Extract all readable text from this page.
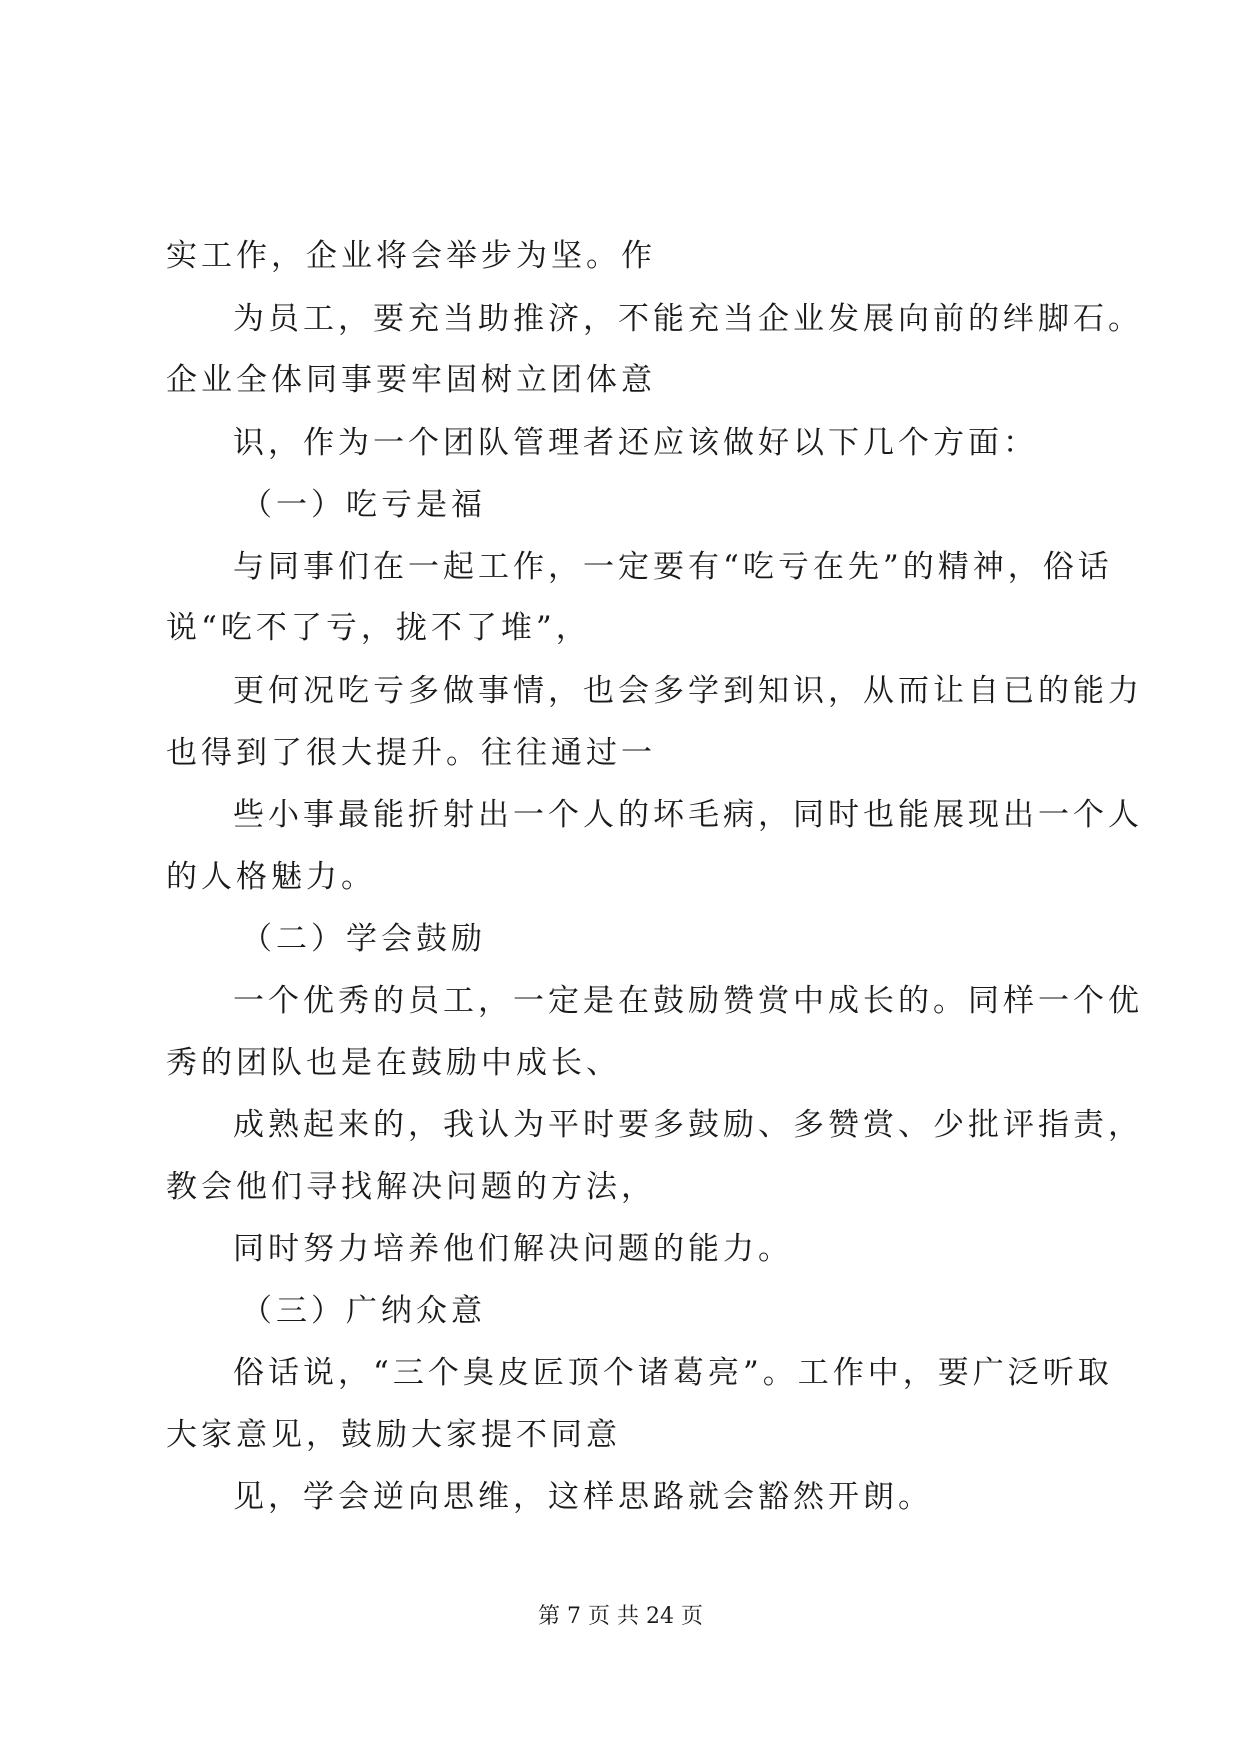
实工作，企业将会举步为坚。作

为员工，要充当助推济，不能充当企业发展向前的绊脚石。

企业全体同事要牢固树立团体意

识，作为一个团队管理者还应该做好以下几个方面：

（一）吃亏是福

与同事们在一起工作，一定要有“吃亏在先”的精神，俗话

说“吃不了亏，拢不了堆”，

更何况吃亏多做事情，也会多学到知识，从而让自已的能力

也得到了很大提升。往往通过一

些小事最能折射出一个人的坏毛病，同时也能展现出一个人

的人格魅力。

（二）学会鼓励

一个优秀的员工，一定是在鼓励赞赏中成长的。同样一个优

秀的团队也是在鼓励中成长、

成熟起来的，我认为平时要多鼓励、多赞赏、少批评指责，

教会他们寻找解决问题的方法，

同时努力培养他们解决问题的能力。

（三）广纳众意

俗话说，“三个臭皮匠顶个诸葛亮”。工作中，要广泛听取

大家意见，鼓励大家提不同意

见，学会逆向思维，这样思路就会豁然开朗。

第 7 页 共 24 页
